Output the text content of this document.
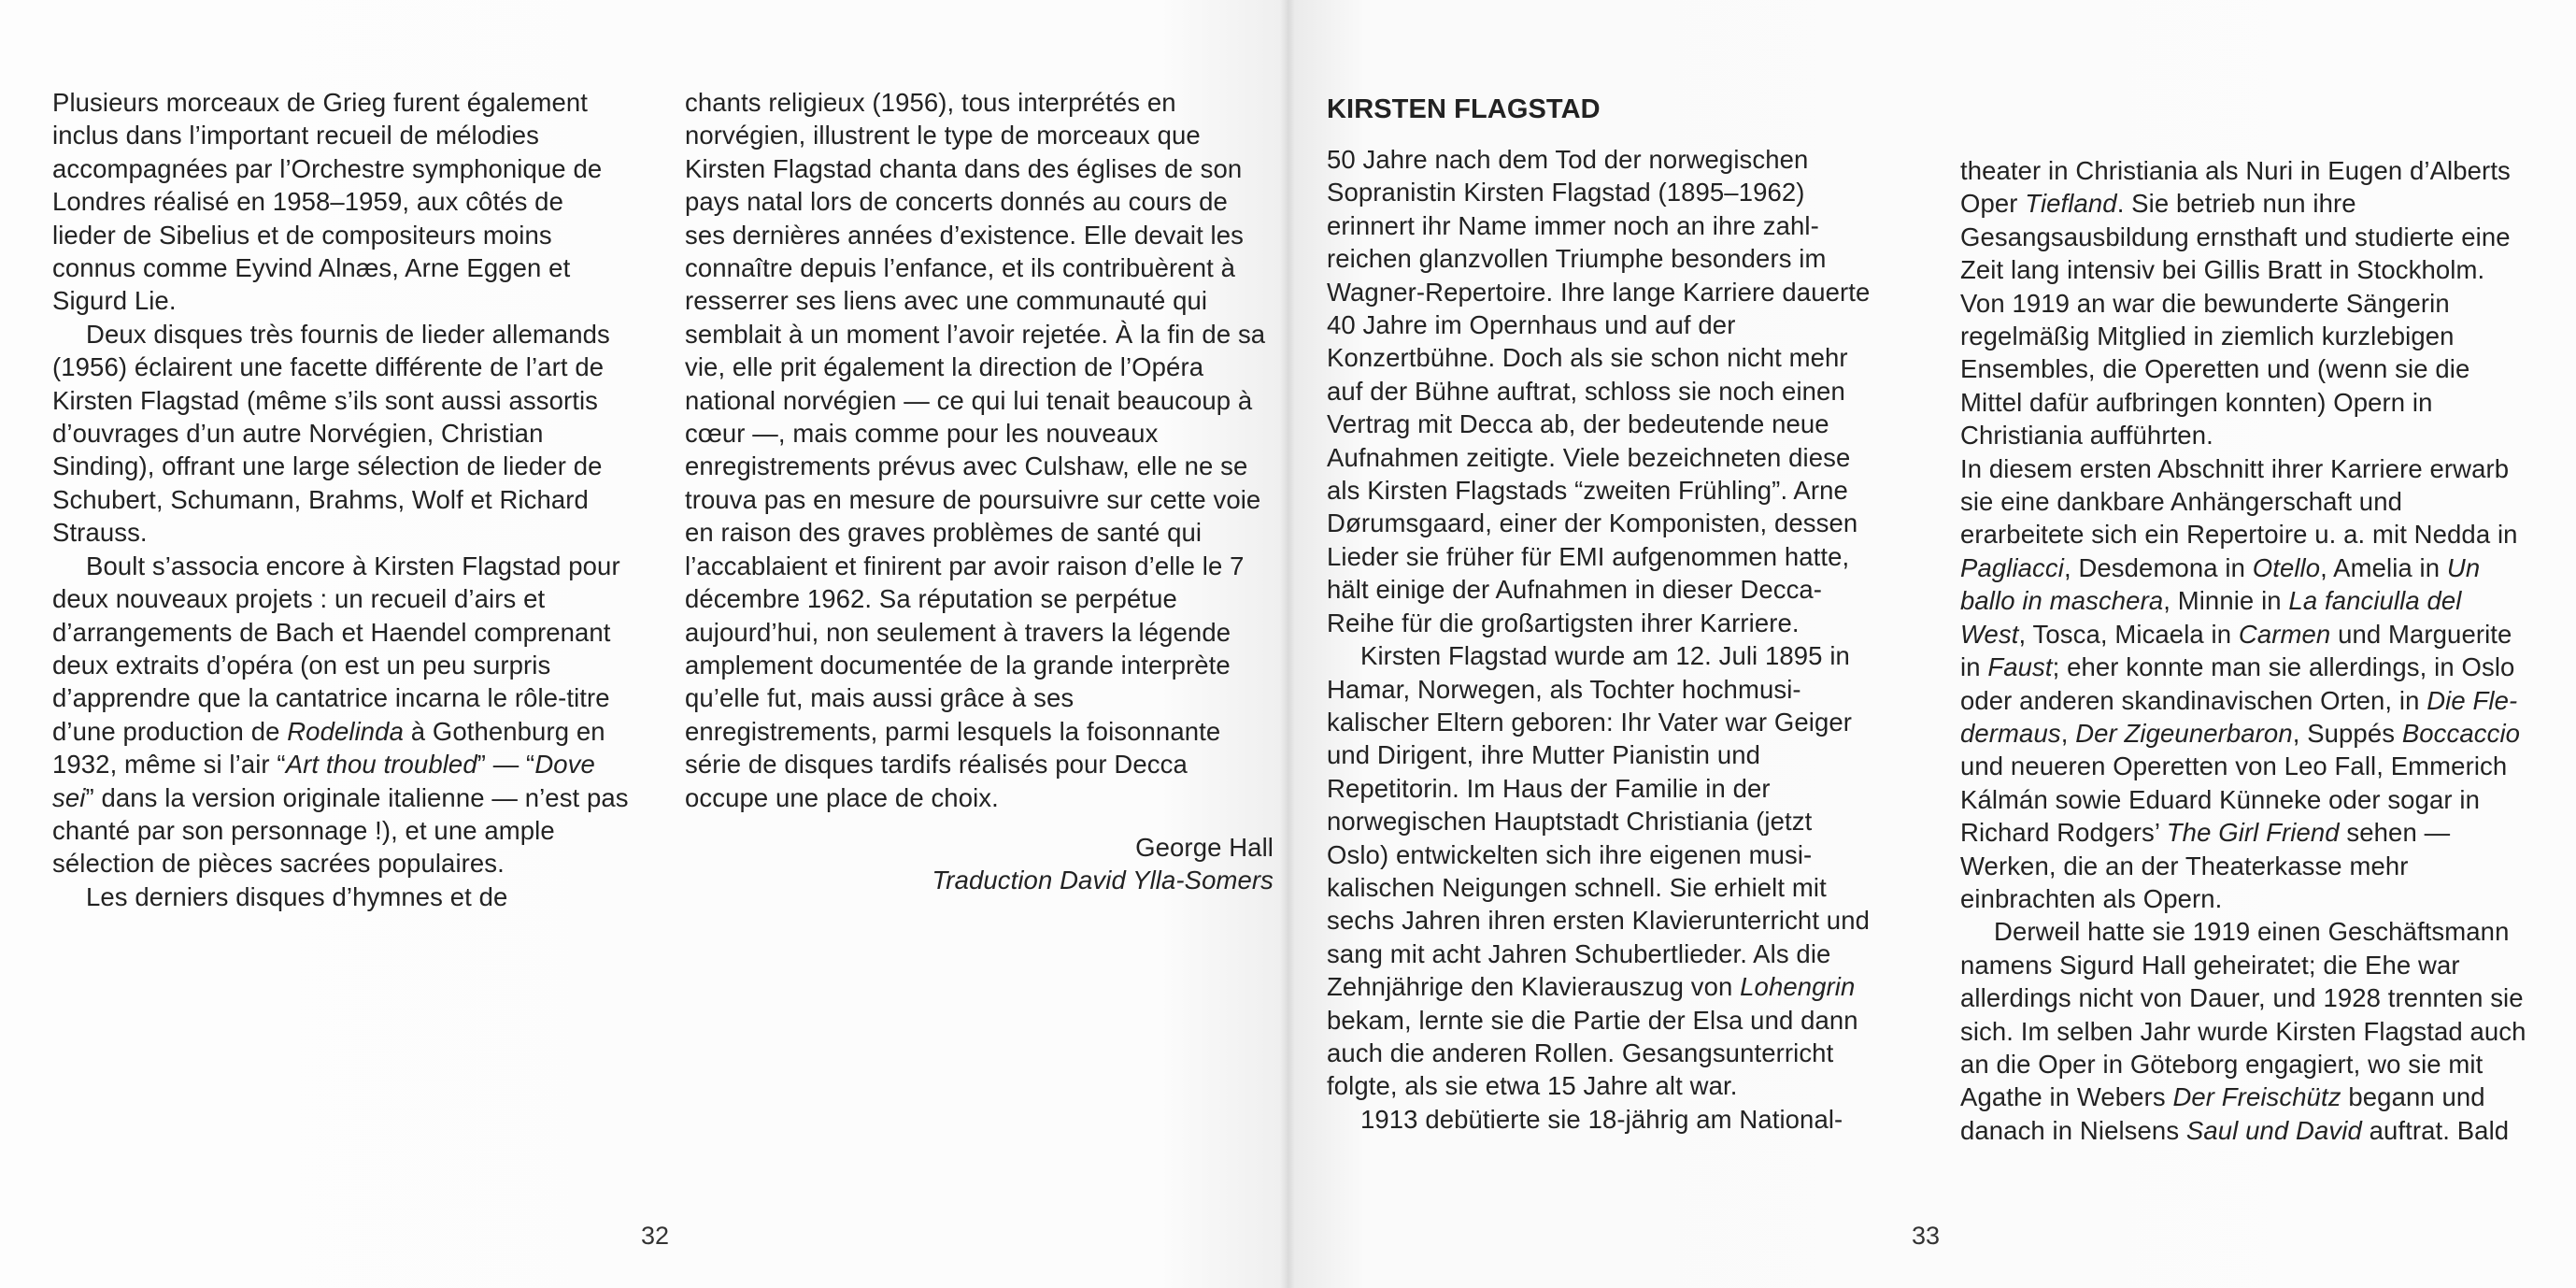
Plusieurs morceaux de Grieg furent également inclus dans l’important recueil de mélodies accompagnées par l’Orchestre symphonique de Londres réalisé en 1958–1959, aux côtés de lieder de Sibelius et de compositeurs moins connus comme Eyvind Alnæs, Arne Eggen et Sigurd Lie.

Deux disques très fournis de lieder allemands (1956) éclairent une facette différente de l’art de Kirsten Flagstad (même s’ils sont aussi assortis d’ouvrages d’un autre Norvégien, Christian Sinding), offrant une large sélection de lieder de Schubert, Schumann, Brahms, Wolf et Richard Strauss.

Boult s’associa encore à Kirsten Flagstad pour deux nouveaux projets : un recueil d’airs et d’arrangements de Bach et Haendel comprenant deux extraits d’opéra (on est un peu surpris d’apprendre que la cantatrice incarna le rôle-titre d’une production de Rodelinda à Gothenburg en 1932, même si l’air “Art thou troubled” — “Dove sei” dans la version originale italienne — n’est pas chanté par son personnage !), et une ample sélection de pièces sacrées populaires.

Les derniers disques d’hymnes et de

chants religieux (1956), tous interprétés en norvégien, illustrent le type de morceaux que Kirsten Flagstad chanta dans des églises de son pays natal lors de concerts donnés au cours de ses dernières années d’existence. Elle devait les connaître depuis l’enfance, et ils contribuèrent à resserrer ses liens avec une communauté qui semblait à un moment l’avoir rejetée. À la fin de sa vie, elle prit également la direction de l’Opéra national norvégien — ce qui lui tenait beaucoup à cœur —, mais comme pour les nouveaux enregistrements prévus avec Culshaw, elle ne se trouva pas en mesure de poursuivre sur cette voie en raison des graves problèmes de santé qui l’accablaient et finirent par avoir raison d’elle le 7 décembre 1962. Sa réputation se perpétue aujourd’hui, non seulement à travers la légende amplement documentée de la grande interprète qu’elle fut, mais aussi grâce à ses enregistrements, parmi lesquels la foisonnante série de disques tardifs réalisés pour Decca occupe une place de choix.

George Hall

Traduction David Ylla-Somers

32

KIRSTEN FLAGSTAD

50 Jahre nach dem Tod der norwegischen Sopranistin Kirsten Flagstad (1895–1962) erinnert ihr Name immer noch an ihre zahlreichen glanzvollen Triumphe besonders im Wagner-Repertoire. Ihre lange Karriere dauerte 40 Jahre im Opernhaus und auf der Konzertbühne. Doch als sie schon nicht mehr auf der Bühne auftrat, schloss sie noch einen Vertrag mit Decca ab, der bedeutende neue Aufnahmen zeitigte. Viele bezeichneten diese als Kirsten Flagstads “zweiten Frühling”. Arne Dørumsgaard, einer der Komponisten, dessen Lieder sie früher für EMI aufgenommen hatte, hält einige der Aufnahmen in dieser Decca-Reihe für die großartigsten ihrer Karriere.

Kirsten Flagstad wurde am 12. Juli 1895 in Hamar, Norwegen, als Tochter hochmusikalischer Eltern geboren: Ihr Vater war Geiger und Dirigent, ihre Mutter Pianistin und Repetitorin. Im Haus der Familie in der norwegischen Hauptstadt Christiania (jetzt Oslo) entwickelten sich ihre eigenen musikalischen Neigungen schnell. Sie erhielt mit sechs Jahren ihren ersten Klavierunterricht und sang mit acht Jahren Schubertlieder. Als die Zehnjährige den Klavierauszug von Lohengrin bekam, lernte sie die Partie der Elsa und dann auch die anderen Rollen. Gesangsunterricht folgte, als sie etwa 15 Jahre alt war.

1913 debütierte sie 18-jährig am National-

theater in Christiania als Nuri in Eugen d’Alberts Oper Tiefland. Sie betrieb nun ihre Gesangsausbildung ernsthaft und studierte eine Zeit lang intensiv bei Gillis Bratt in Stockholm. Von 1919 an war die bewunderte Sängerin regelmäßig Mitglied in ziemlich kurzlebigen Ensembles, die Operetten und (wenn sie die Mittel dafür aufbringen konnten) Opern in Christiania aufführten.

In diesem ersten Abschnitt ihrer Karriere erwarb sie eine dankbare Anhängerschaft und erarbeitete sich ein Repertoire u. a. mit Nedda in Pagliacci, Desdemona in Otello, Amelia in Un ballo in maschera, Minnie in La fanciulla del West, Tosca, Micaela in Carmen und Marguerite in Faust; eher konnte man sie allerdings, in Oslo oder anderen skandinavischen Orten, in Die Fledermaus, Der Zigeunerbaron, Suppés Boccaccio und neueren Operetten von Leo Fall, Emmerich Kálmán sowie Eduard Künneke oder sogar in Richard Rodgers’ The Girl Friend sehen — Werken, die an der Theaterkasse mehr einbrachten als Opern.

Derweil hatte sie 1919 einen Geschäftsmann namens Sigurd Hall geheiratet; die Ehe war allerdings nicht von Dauer, und 1928 trennten sie sich. Im selben Jahr wurde Kirsten Flagstad auch an die Oper in Göteborg engagiert, wo sie mit Agathe in Webers Der Freischütz begann und danach in Nielsens Saul und David auftrat. Bald

33
